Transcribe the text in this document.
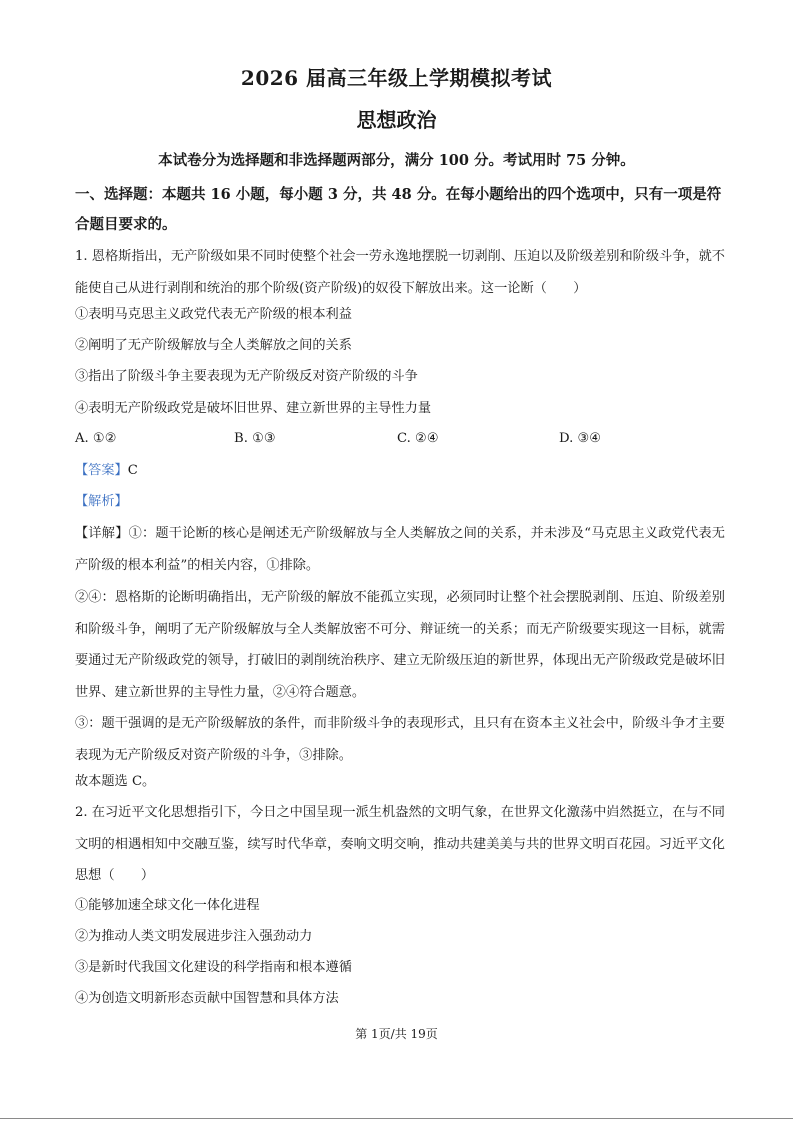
2026 届高三年级上学期模拟考试
思想政治
本试卷分为选择题和非选择题两部分，满分 100 分。考试用时 75 分钟。
一、选择题：本题共 16 小题，每小题 3 分，共 48 分。在每小题给出的四个选项中，只有一项是符合题目要求的。
1. 恩格斯指出，无产阶级如果不同时使整个社会一劳永逸地摆脱一切剥削、压迫以及阶级差别和阶级斗争，就不能使自己从进行剥削和统治的那个阶级(资产阶级)的奴役下解放出来。这一论断（　　）
①表明马克思主义政党代表无产阶级的根本利益
②阐明了无产阶级解放与全人类解放之间的关系
③指出了阶级斗争主要表现为无产阶级反对资产阶级的斗争
④表明无产阶级政党是破坏旧世界、建立新世界的主导性力量
A. ①②	B. ①③	C. ②④	D. ③④
【答案】C
【解析】
【详解】①：题干论断的核心是阐述无产阶级解放与全人类解放之间的关系，并未涉及“马克思主义政党代表无产阶级的根本利益”的相关内容，①排除。
②④：恩格斯的论断明确指出，无产阶级的解放不能孤立实现，必须同时让整个社会摆脱剥削、压迫、阶级差别和阶级斗争，阐明了无产阶级解放与全人类解放密不可分、辩证统一的关系；而无产阶级要实现这一目标，就需要通过无产阶级政党的领导，打破旧的剥削统治秩序、建立无阶级压迫的新世界，体现出无产阶级政党是破坏旧世界、建立新世界的主导性力量，②④符合题意。
③：题干强调的是无产阶级解放的条件，而非阶级斗争的表现形式，且只有在资本主义社会中，阶级斗争才主要表现为无产阶级反对资产阶级的斗争，③排除。
故本题选 C。
2. 在习近平文化思想指引下，今日之中国呈现一派生机盎然的文明气象，在世界文化激荡中岿然挺立，在与不同文明的相遇相知中交融互鉴，续写时代华章，奏响文明交响，推动共建美美与共的世界文明百花园。习近平文化思想（　　）
①能够加速全球文化一体化进程
②为推动人类文明发展进步注入强劲动力
③是新时代我国文化建设的科学指南和根本遵循
④为创造文明新形态贡献中国智慧和具体方法
第 1页/共 19页
